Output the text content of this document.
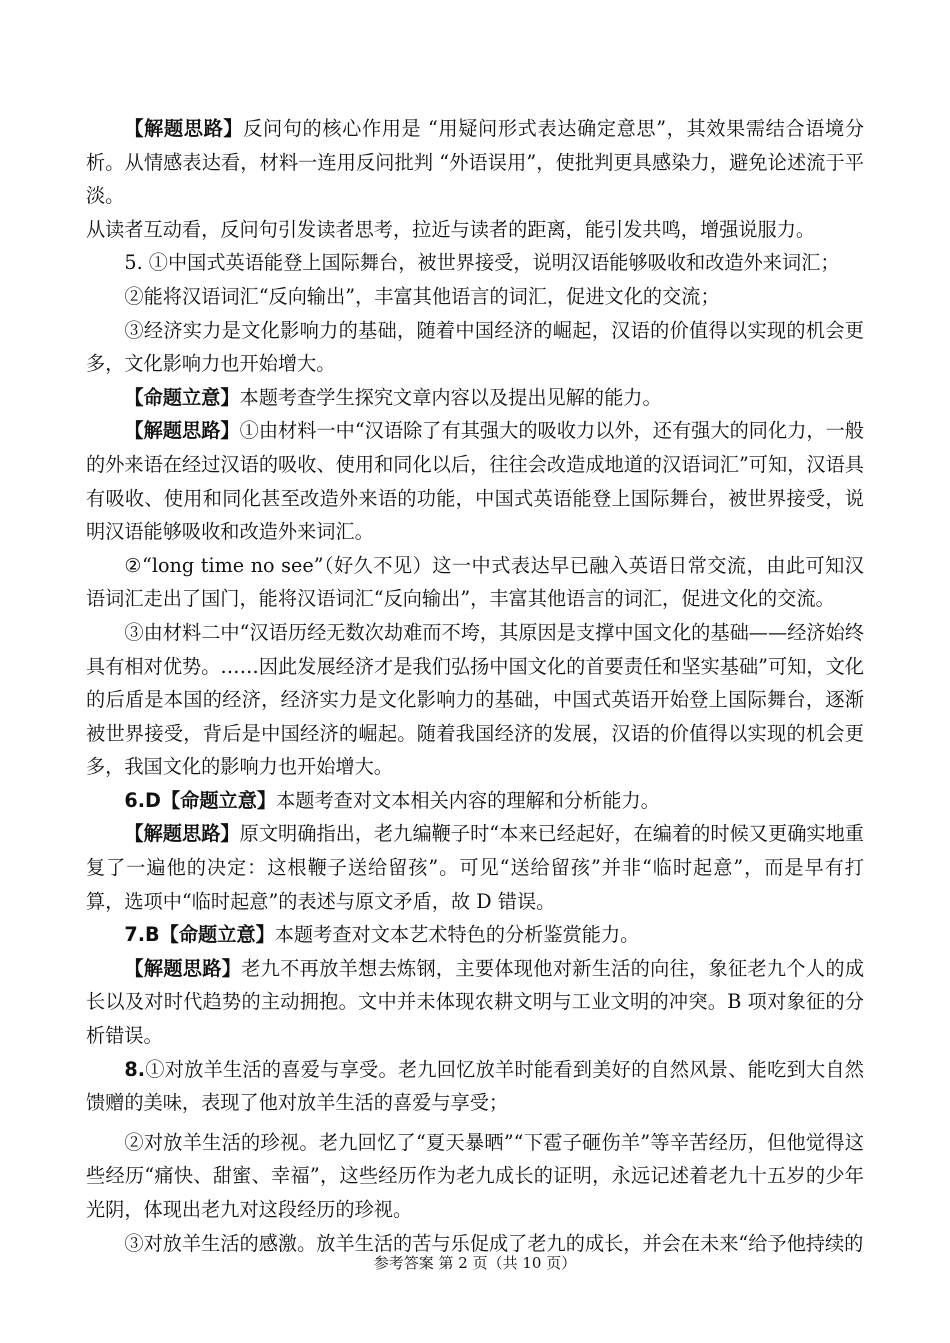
【解题思路】反问句的核心作用是 “用疑问形式表达确定意思”，其效果需结合语境分析。从情感表达看，材料一连用反问批判 “外语误用”，使批判更具感染力，避免论述流于平淡。

从读者互动看，反问句引发读者思考，拉近与读者的距离，能引发共鸣，增强说服力。

5. ①中国式英语能登上国际舞台，被世界接受，说明汉语能够吸收和改造外来词汇；

②能将汉语词汇“反向输出”，丰富其他语言的词汇，促进文化的交流；

③经济实力是文化影响力的基础，随着中国经济的崛起，汉语的价值得以实现的机会更多，文化影响力也开始增大。

【命题立意】本题考查学生探究文章内容以及提出见解的能力。

【解题思路】①由材料一中“汉语除了有其强大的吸收力以外，还有强大的同化力，一般的外来语在经过汉语的吸收、使用和同化以后，往往会改造成地道的汉语词汇”可知，汉语具有吸收、使用和同化甚至改造外来语的功能，中国式英语能登上国际舞台，被世界接受，说明汉语能够吸收和改造外来词汇。

②“long time no see”（好久不见）这一中式表达早已融入英语日常交流，由此可知汉语词汇走出了国门，能将汉语词汇“反向输出”，丰富其他语言的词汇，促进文化的交流。

③由材料二中“汉语历经无数次劫难而不垮，其原因是支撑中国文化的基础——经济始终具有相对优势。……因此发展经济才是我们弘扬中国文化的首要责任和坚实基础”可知，文化的后盾是本国的经济，经济实力是文化影响力的基础，中国式英语开始登上国际舞台，逐渐被世界接受，背后是中国经济的崛起。随着我国经济的发展，汉语的价值得以实现的机会更多，我国文化的影响力也开始增大。

6.D【命题立意】本题考查对文本相关内容的理解和分析能力。

【解题思路】原文明确指出，老九编鞭子时“本来已经起好，在编着的时候又更确实地重复了一遍他的决定：这根鞭子送给留孩”。可见“送给留孩”并非“临时起意”，而是早有打算，选项中“临时起意”的表述与原文矛盾，故 D 错误。

7.B【命题立意】本题考查对文本艺术特色的分析鉴赏能力。

【解题思路】老九不再放羊想去炼钢，主要体现他对新生活的向往，象征老九个人的成长以及对时代趋势的主动拥抱。文中并未体现农耕文明与工业文明的冲突。B 项对象征的分析错误。

8.①对放羊生活的喜爱与享受。老九回忆放羊时能看到美好的自然风景、能吃到大自然馈赠的美味，表现了他对放羊生活的喜爱与享受；

②对放羊生活的珍视。老九回忆了“夏天暴晒”“下雹子砸伤羊”等辛苦经历，但他觉得这些经历“痛快、甜蜜、幸福”，这些经历作为老九成长的证明，永远记述着老九十五岁的少年光阴，体现出老九对这段经历的珍视。

③对放羊生活的感激。放羊生活的苦与乐促成了老九的成长，并会在未来“给予他持续的

参考答案 第 2 页（共 10 页）
